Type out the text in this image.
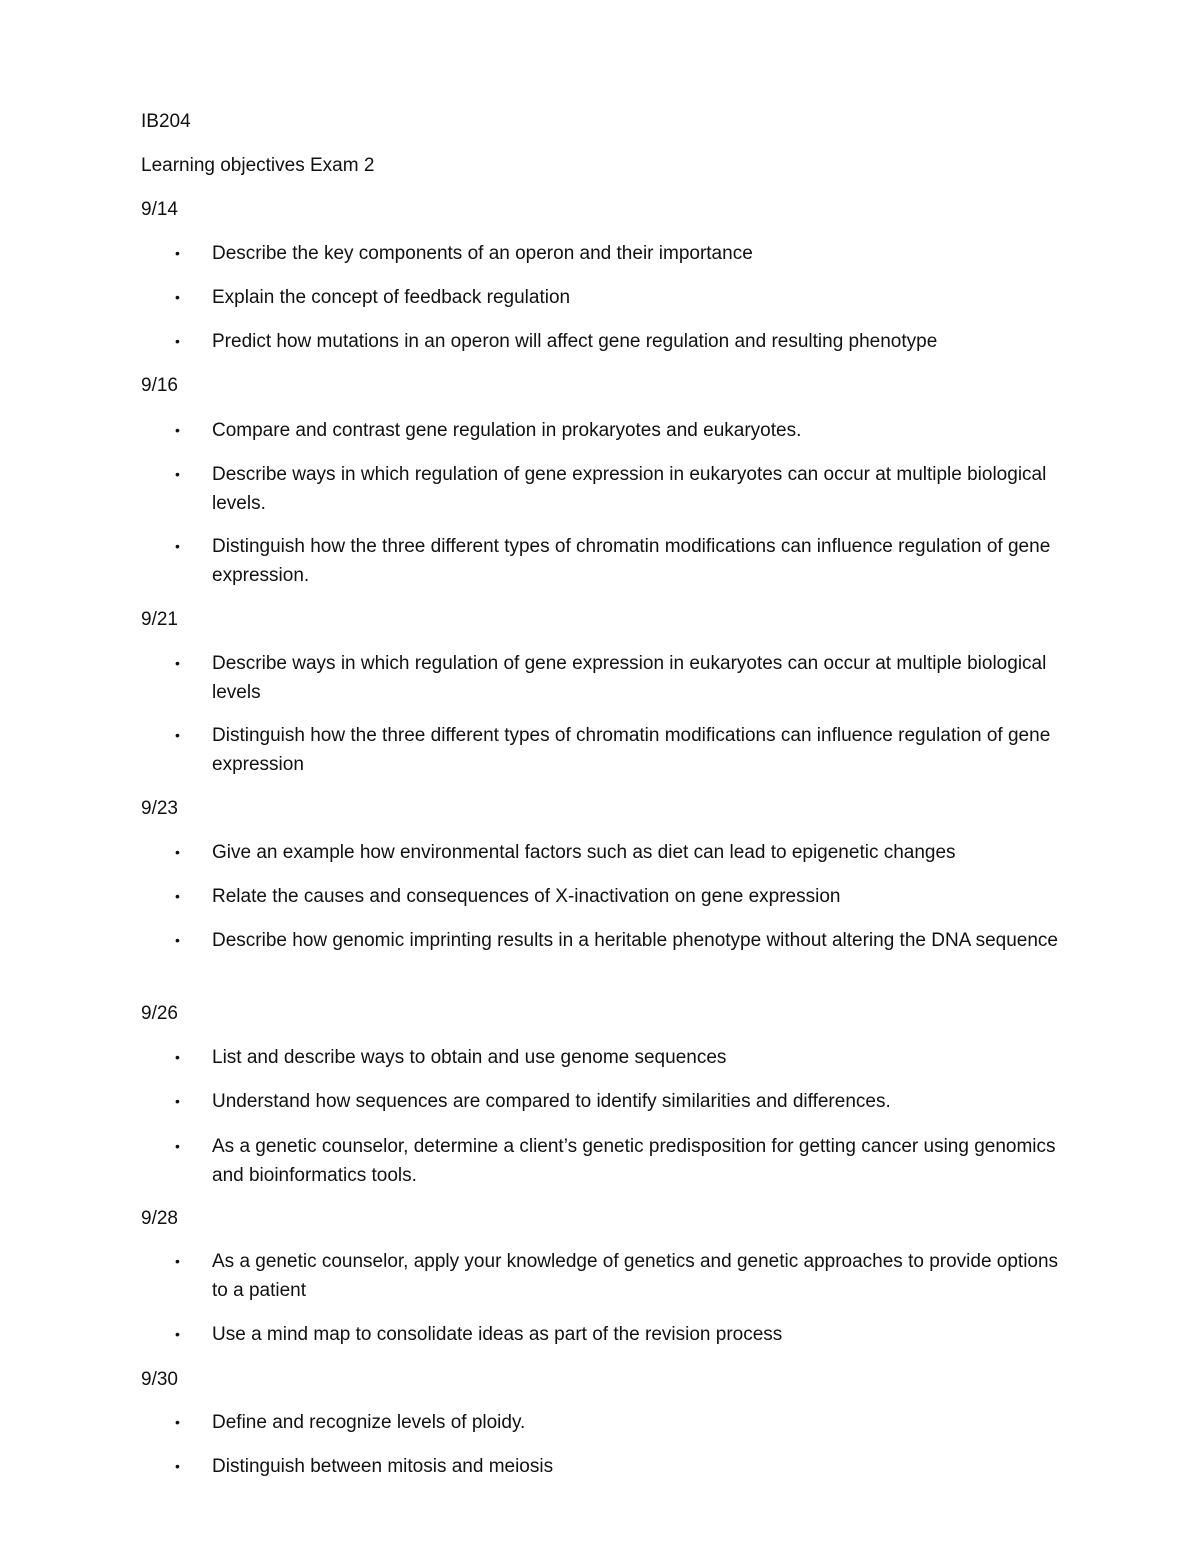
IB204
Learning objectives Exam 2
9/14
•	Describe the key components of an operon and their importance
•	Explain the concept of feedback regulation
•	Predict how mutations in an operon will affect gene regulation and resulting phenotype
9/16
•	Compare and contrast gene regulation in prokaryotes and eukaryotes.
•	Describe ways in which regulation of gene expression in eukaryotes can occur at multiple biological levels.
•	Distinguish how the three different types of chromatin modifications can influence regulation of gene expression.
9/21
•	Describe ways in which regulation of gene expression in eukaryotes can occur at multiple biological levels
•	Distinguish how the three different types of chromatin modifications can influence regulation of gene expression
9/23
•	Give an example how environmental factors such as diet can lead to epigenetic changes
•	Relate the causes and consequences of X-inactivation on gene expression
•	Describe how genomic imprinting results in a heritable phenotype without altering the DNA sequence
9/26
•	List and describe ways to obtain and use genome sequences
•	Understand how sequences are compared to identify similarities and differences.
•	As a genetic counselor, determine a client’s genetic predisposition for getting cancer using genomics and bioinformatics tools.
9/28
•	As a genetic counselor, apply your knowledge of genetics and genetic approaches to provide options to a patient
•	Use a mind map to consolidate ideas as part of the revision process
9/30
•	Define and recognize levels of ploidy.
•	Distinguish between mitosis and meiosis
